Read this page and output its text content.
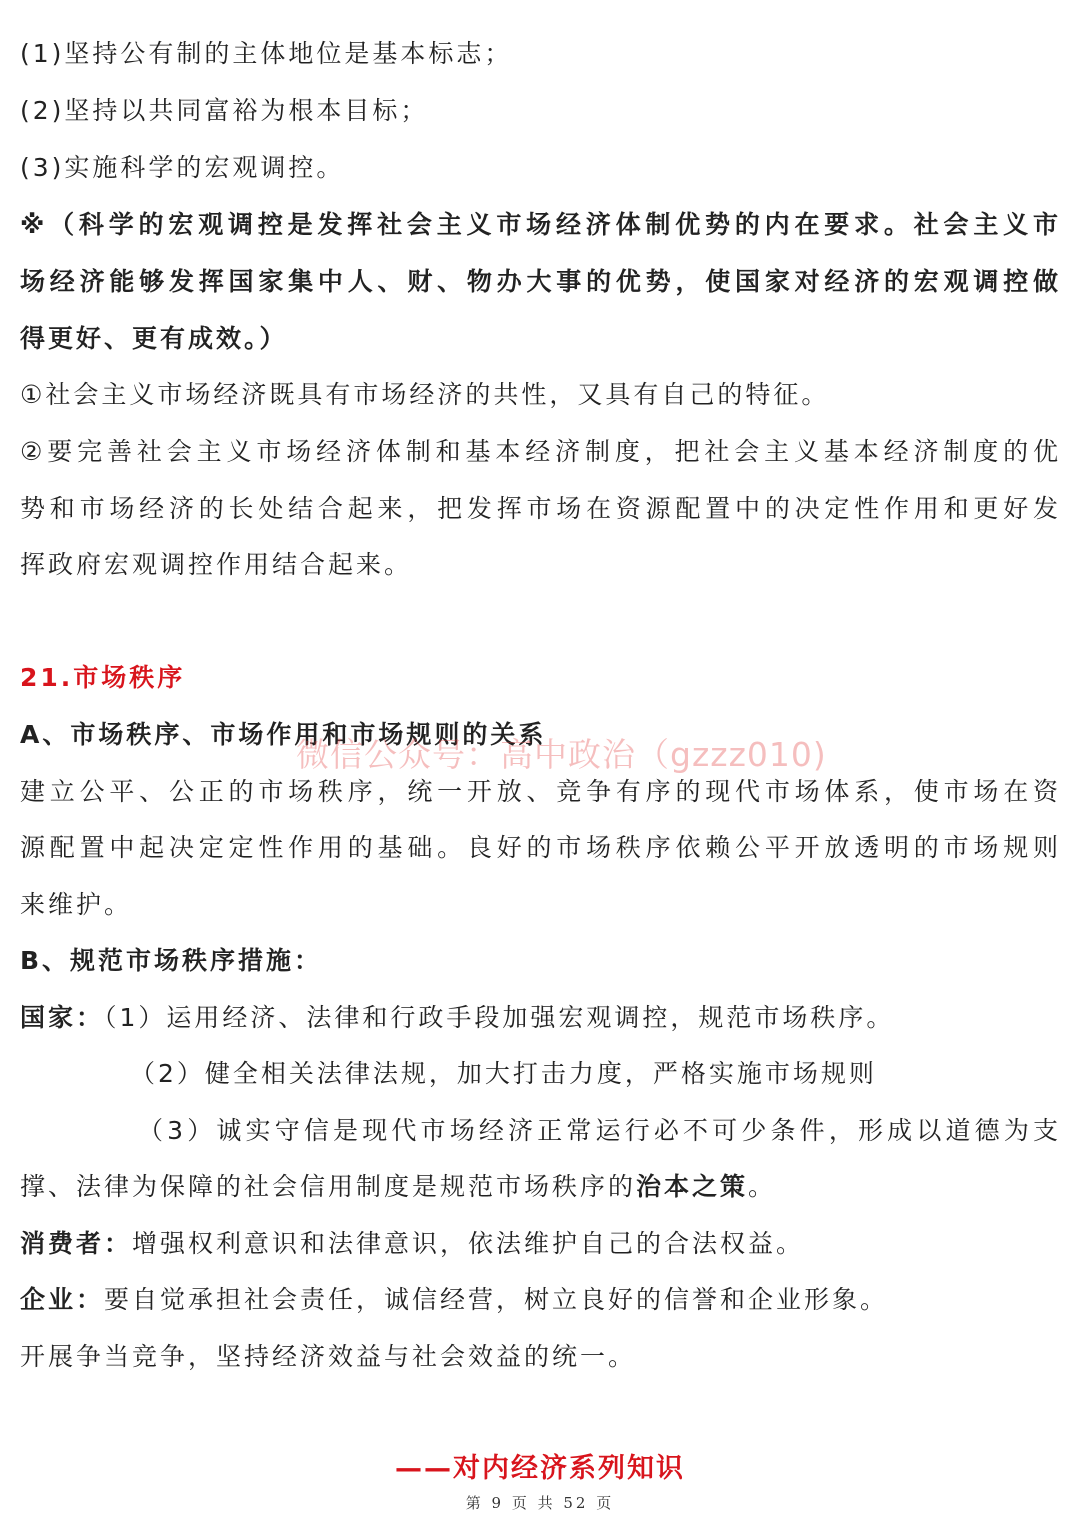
(1)坚持公有制的主体地位是基本标志；
(2)坚持以共同富裕为根本目标；
(3)实施科学的宏观调控。
※（科学的宏观调控是发挥社会主义市场经济体制优势的内在要求。社会主义市
场经济能够发挥国家集中人、财、物办大事的优势，使国家对经济的宏观调控做
得更好、更有成效。）
①社会主义市场经济既具有市场经济的共性，又具有自己的特征。
②要完善社会主义市场经济体制和基本经济制度，把社会主义基本经济制度的优
势和市场经济的长处结合起来，把发挥市场在资源配置中的决定性作用和更好发
挥政府宏观调控作用结合起来。
21.市场秩序
A、市场秩序、市场作用和市场规则的关系
建立公平、公正的市场秩序，统一开放、竞争有序的现代市场体系，使市场在资
源配置中起决定定性作用的基础。良好的市场秩序依赖公平开放透明的市场规则
来维护。
B、规范市场秩序措施：
国家：（1）运用经济、法律和行政手段加强宏观调控，规范市场秩序。
（2）健全相关法律法规，加大打击力度，严格实施市场规则
（3）诚实守信是现代市场经济正常运行必不可少条件，形成以道德为支
撑、法律为保障的社会信用制度是规范市场秩序的治本之策。
消费者：增强权利意识和法律意识，依法维护自己的合法权益。
企业：要自觉承担社会责任，诚信经营，树立良好的信誉和企业形象。
开展争当竞争，坚持经济效益与社会效益的统一。
微信公众号：高中政治（gzzz010)
——对内经济系列知识
第 9 页 共 52 页
